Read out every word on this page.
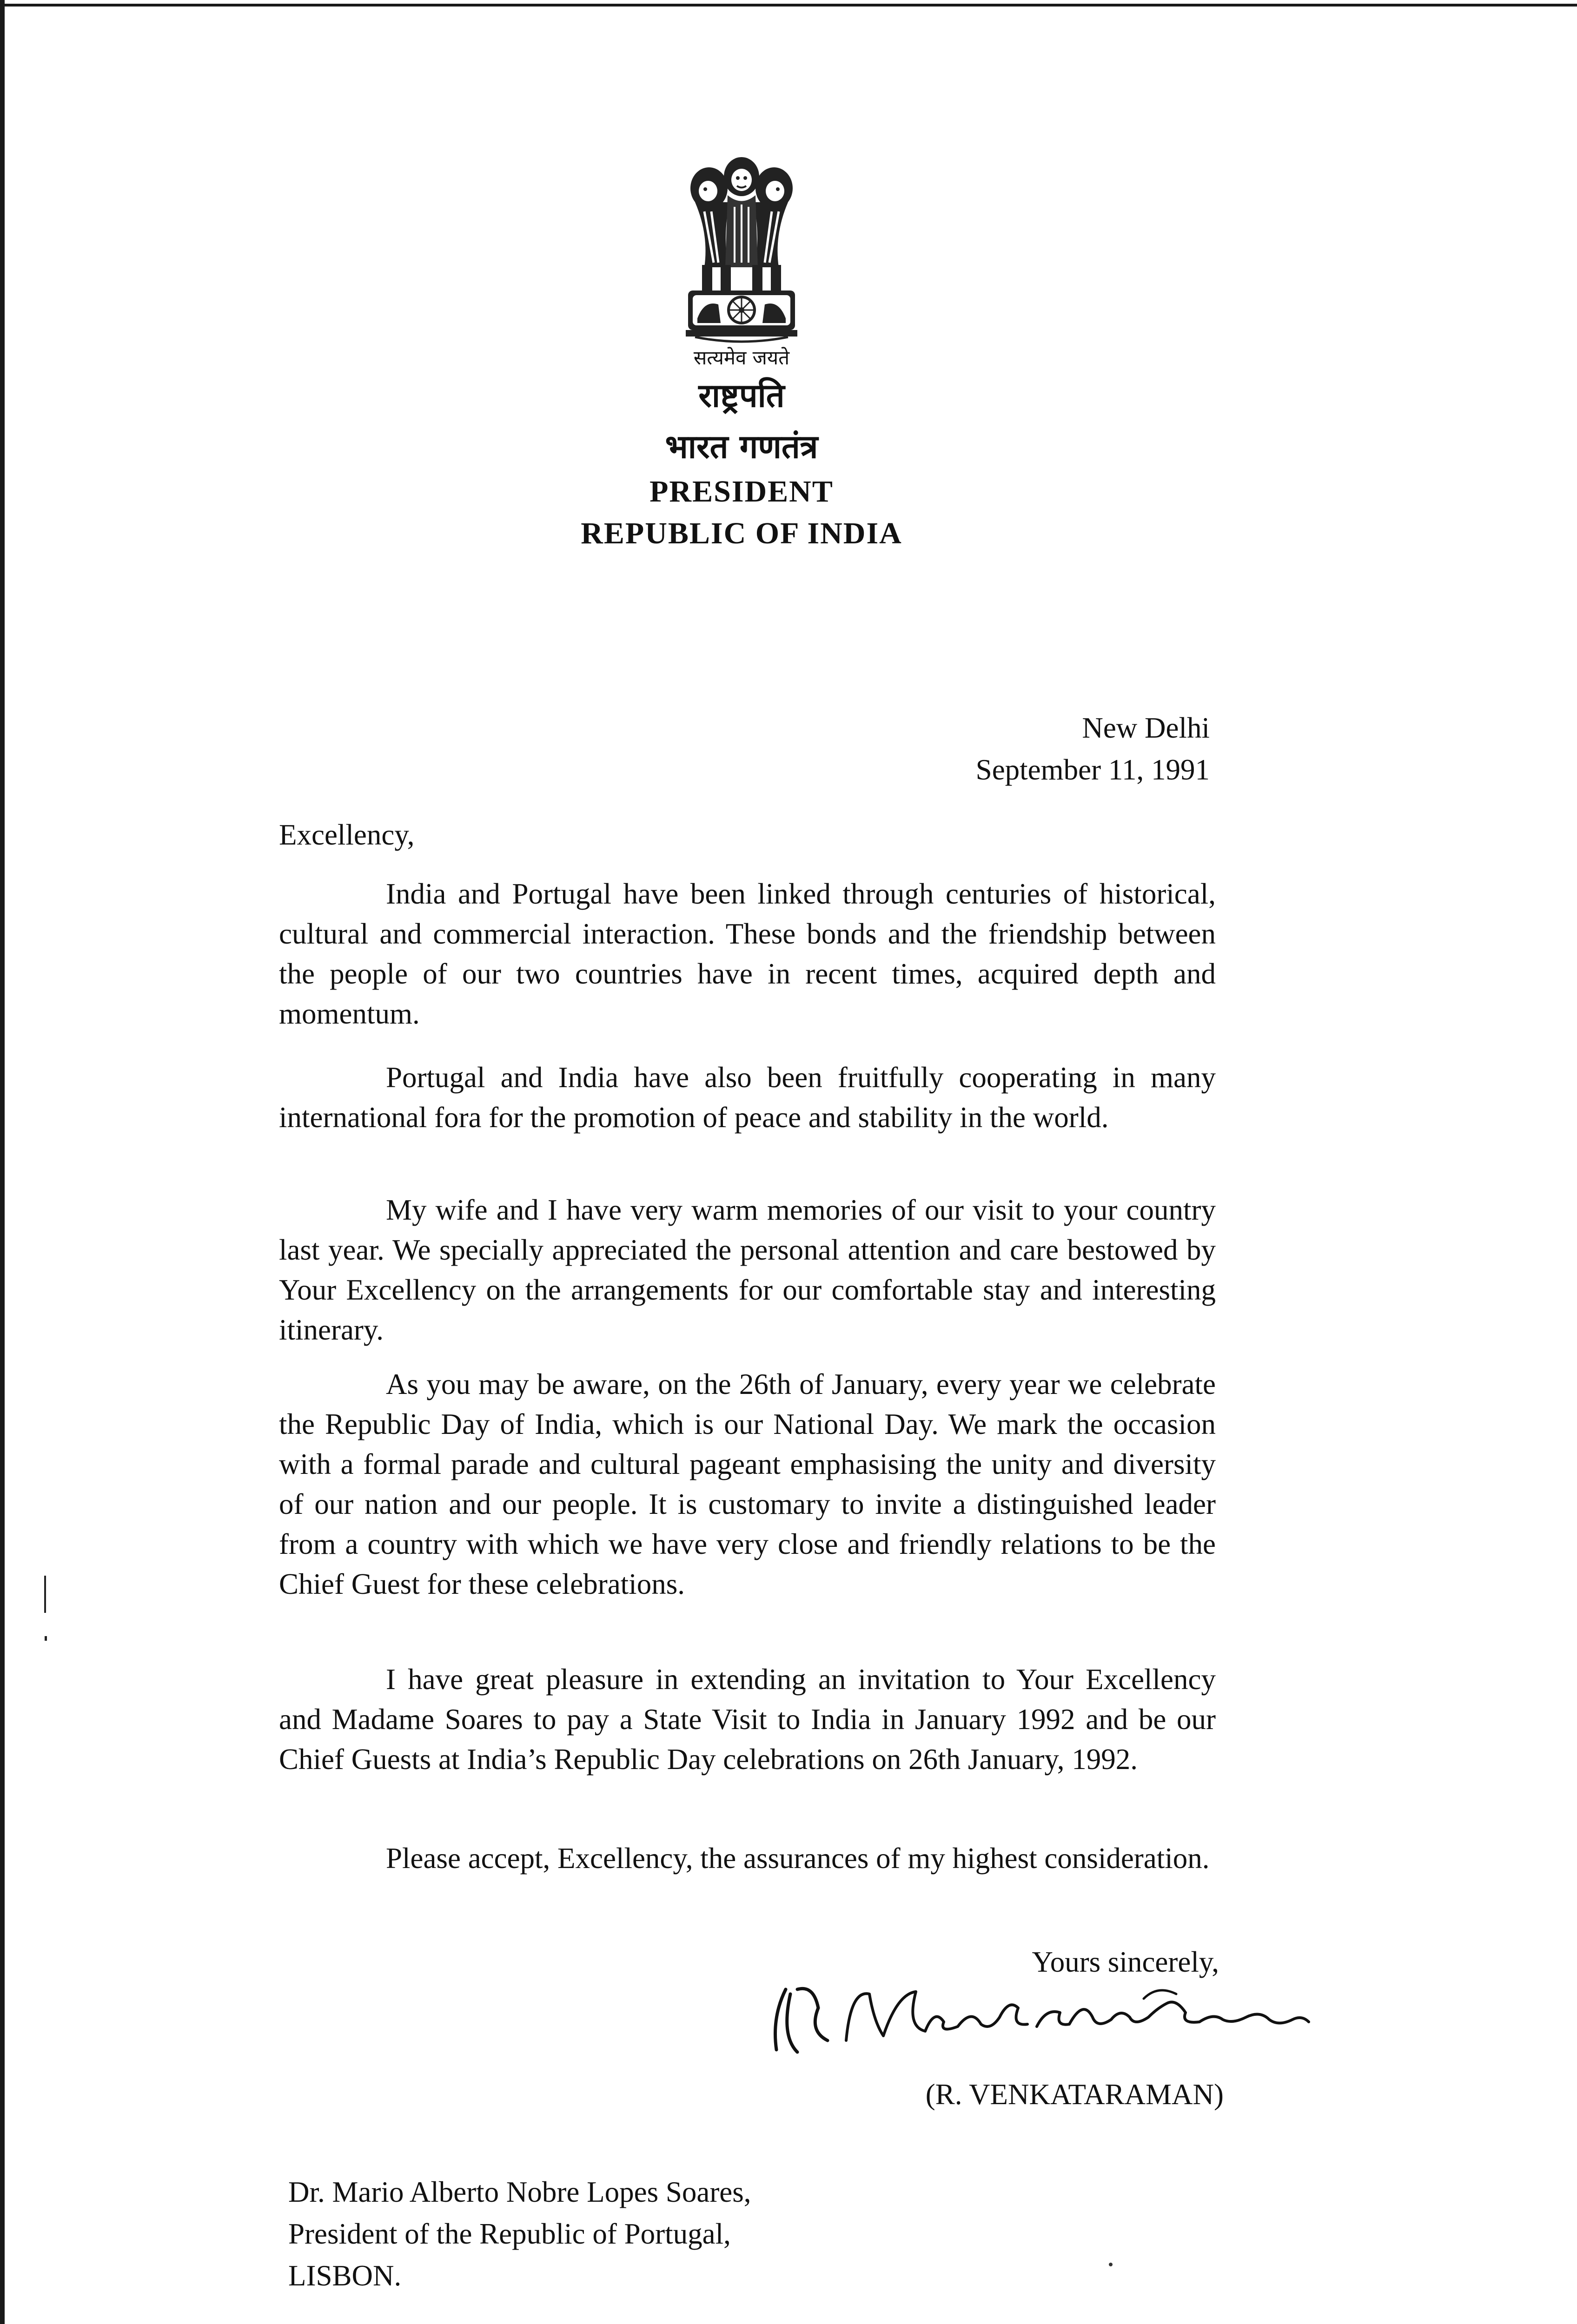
सत्यमेव जयते
राष्ट्रपति
भारत गणतंत्र
PRESIDENT
REPUBLIC OF INDIA
New Delhi
September 11, 1991
Excellency,

India and Portugal have been linked through centuries of historical, cultural and commercial interaction. These bonds and the friendship between the people of our two countries have in recent times, acquired depth and momentum.

Portugal and India have also been fruitfully cooperating in many international fora for the promotion of peace and stability in the world.

My wife and I have very warm memories of our visit to your country last year. We specially appreciated the personal attention and care bestowed by Your Excellency on the arrangements for our comfortable stay and interesting itinerary.

As you may be aware, on the 26th of January, every year we celebrate the Republic Day of India, which is our National Day. We mark the occasion with a formal parade and cultural pageant emphasising the unity and diversity of our nation and our people. It is customary to invite a distinguished leader from a country with which we have very close and friendly relations to be the Chief Guest for these celebrations.

I have great pleasure in extending an invitation to Your Excellency and Madame Soares to pay a State Visit to India in January 1992 and be our Chief Guests at India’s Republic Day celebrations on 26th January, 1992.

Please accept, Excellency, the assurances of my highest consideration.

Yours sincerely,
(R. VENKATARAMAN)
Dr. Mario Alberto Nobre Lopes Soares,
President of the Republic of Portugal,
LISBON.
